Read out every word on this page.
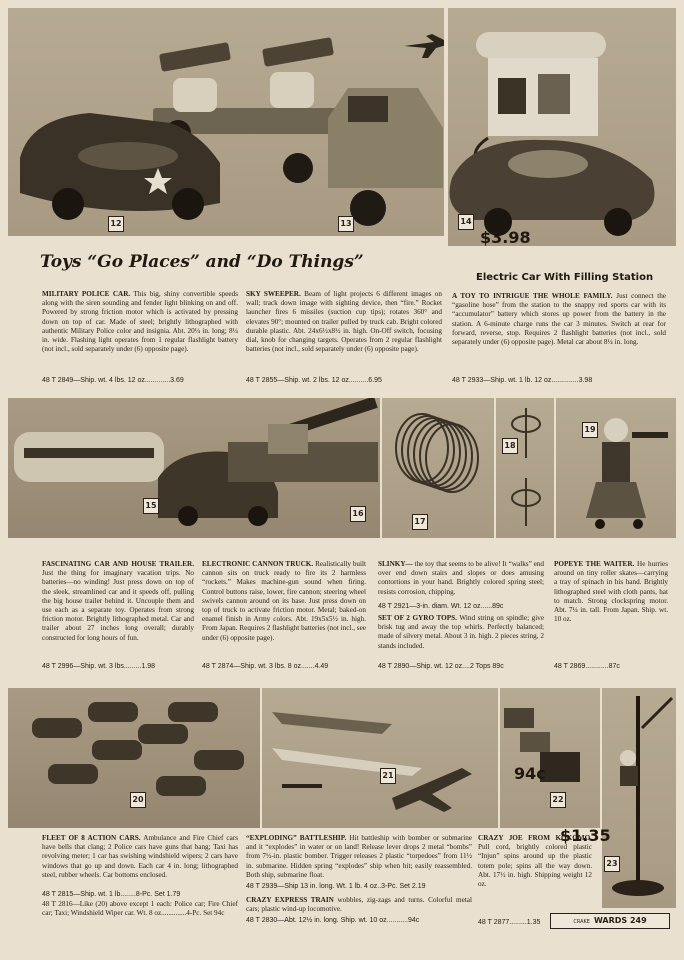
12	13	14
$3.98
Toys “Go Places” and “Do Things”
Electric Car With Filling Station
MILITARY POLICE CAR. This big, shiny convertible speeds along with the siren sounding and fender light blinking on and off. Powered by strong friction motor which is activated by pressing down on top of car. Made of steel; brightly lithographed with authentic Military Police color and insignia. Abt. 20¼ in. long; 8¼ in. wide. Flashing light operates from 1 regular flashlight battery (not incl., sold separately under (6) opposite page).
48 T 2849—Ship. wt. 4 lbs. 12 oz.............3.69
SKY SWEEPER. Beam of light projects 6 different images on wall; track down image with sighting device, then “fire.” Rocket launcher fires 6 missiles (suction cup tips); rotates 360° and elevates 90°; mounted on trailer pulled by truck cab. Bright colored durable plastic. Abt. 24x6½x8½ in. high. On-Off switch, focusing dial, knob for changing targets. Operates from 2 regular flashlight batteries (not incl., sold separately under (6) opposite page).
48 T 2855—Ship. wt. 2 lbs. 12 oz..........6.95
A TOY TO INTRIGUE THE WHOLE FAMILY. Just connect the “gasoline hose” from the station to the snappy red sports car with its “accumulator” battery which stores up power from the battery in the station. A 6-minute charge runs the car 3 minutes. Switch at rear for forward, reverse, stop. Requires 2 flashlight batteries (not incl., sold separately under (6) opposite page). Metal car about 8¼ in. long.
48 T 2933—Ship. wt. 1 lb. 12 oz..............3.98
15
16
17
18
19
FASCINATING CAR AND HOUSE TRAILER. Just the thing for imaginary vacation trips. No batteries—no winding! Just press down on top of the sleek, streamlined car and it speeds off, pulling the big house trailer behind it. Uncouple them and use each as a separate toy. Operates from strong friction motor. Brightly lithographed metal. Car and trailer about 27 inches long overall; durably constructed for long hours of fun.
48 T 2996—Ship. wt. 3 lbs.........1.98
ELECTRONIC CANNON TRUCK. Realistically built cannon sits on truck ready to fire its 2 harmless “rockets.” Makes machine-gun sound when firing. Control buttons raise, lower, fire cannon; steering wheel swivels cannon around on its base. Just press down on top of truck to activate friction motor. Metal; baked-on enamel finish in Army colors. Abt. 19x5x5½ in. high. From Japan. Requires 2 flashlight batteries (not incl., see under (6) opposite page).
48 T 2874—Ship. wt. 3 lbs. 8 oz.......4.49
SLINKY— the toy that seems to be alive! It “walks” end over end down stairs and slopes or does amusing contortions in your hand. Brightly colored spring steel; resists corrosion, chipping.
48 T 2921—3-in. diam. Wt. 12 oz......89c
SET OF 2 GYRO TOPS. Wind string on spindle; give brisk tug and away the top whirls. Perfectly balanced; made of silvery metal. About 3 in. high. 2 pieces string, 2 stands included.
48 T 2890—Ship. wt. 12 oz....2 Tops 89c
POPEYE THE WAITER. He hurries around on tiny roller skates—carrying a tray of spinach in his hand. Brightly lithographed steel with cloth pants, hat to match. Strong clockspring motor. Abt. 7¼ in. tall. From Japan. Ship. wt. 10 oz.
48 T 2869............87c
20
21	94c
22
23
$1.35
FLEET OF 8 ACTION CARS. Ambulance and Fire Chief cars have bells that clang; 2 Police cars have guns that bang; Taxi has revolving meter; 1 car has swishing windshield wipers; 2 cars have windows that go up and down. Each car 4 in. long; lithographed steel, rubber wheels. Car bottoms enclosed.
48 T 2815—Ship. wt. 1 lb........8-Pc. Set 1.79
48 T 2816—Like (20) above except 1 each: Police car; Fire Chief car; Taxi; Windshield Wiper car. Wt. 8 oz..............4-Pc. Set 94c
“EXPLODING” BATTLESHIP. Hit battleship with bomber or submarine and it “explodes” in water or on land! Release lever drops 2 metal “bombs” from 7½-in. plastic bomber. Trigger releases 2 plastic “torpedoes” from 11½ in. submarine. Hidden spring “explodes” ship when hit; easily reassembled. Both ship, submarine float.
48 T 2939—Ship 13 in. long. Wt. 1 lb. 4 oz..3-Pc. Set 2.19
CRAZY EXPRESS TRAIN wobbles, zig-zags and turns. Colorful metal cars; plastic wind-up locomotive.
48 T 2830—Abt. 12½ in. long. Ship. wt. 10 oz...........94c
CRAZY JOE FROM KOKOMO. Pull cord, brightly colored plastic “Injun” spins around up the plastic totem pole; spins all the way down. Abt. 17½ in. high. Shipping weight 12 oz.
48 T 2877.........1.35	CRAKE WARDS 249
